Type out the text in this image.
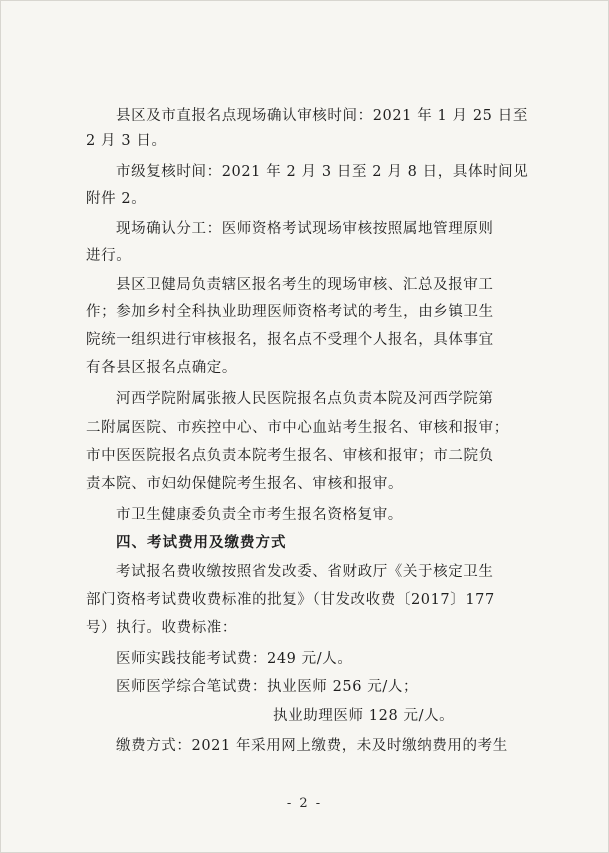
县区及市直报名点现场确认审核时间：2021 年 1 月 25 日至
2 月 3 日。
市级复核时间：2021 年 2 月 3 日至 2 月 8 日，具体时间见
附件 2。
现场确认分工：医师资格考试现场审核按照属地管理原则
进行。
县区卫健局负责辖区报名考生的现场审核、汇总及报审工
作；参加乡村全科执业助理医师资格考试的考生，由乡镇卫生
院统一组织进行审核报名，报名点不受理个人报名，具体事宜
有各县区报名点确定。
河西学院附属张掖人民医院报名点负责本院及河西学院第
二附属医院、市疾控中心、市中心血站考生报名、审核和报审；
市中医医院报名点负责本院考生报名、审核和报审；市二院负
责本院、市妇幼保健院考生报名、审核和报审。
市卫生健康委负责全市考生报名资格复审。
四、考试费用及缴费方式
考试报名费收缴按照省发改委、省财政厅《关于核定卫生
部门资格考试费收费标准的批复》（甘发改收费〔2017〕177
号）执行。收费标准：
医师实践技能考试费：249 元/人。
医师医学综合笔试费：执业医师 256 元/人；
执业助理医师 128 元/人。
缴费方式：2021 年采用网上缴费，未及时缴纳费用的考生
- 2 -
